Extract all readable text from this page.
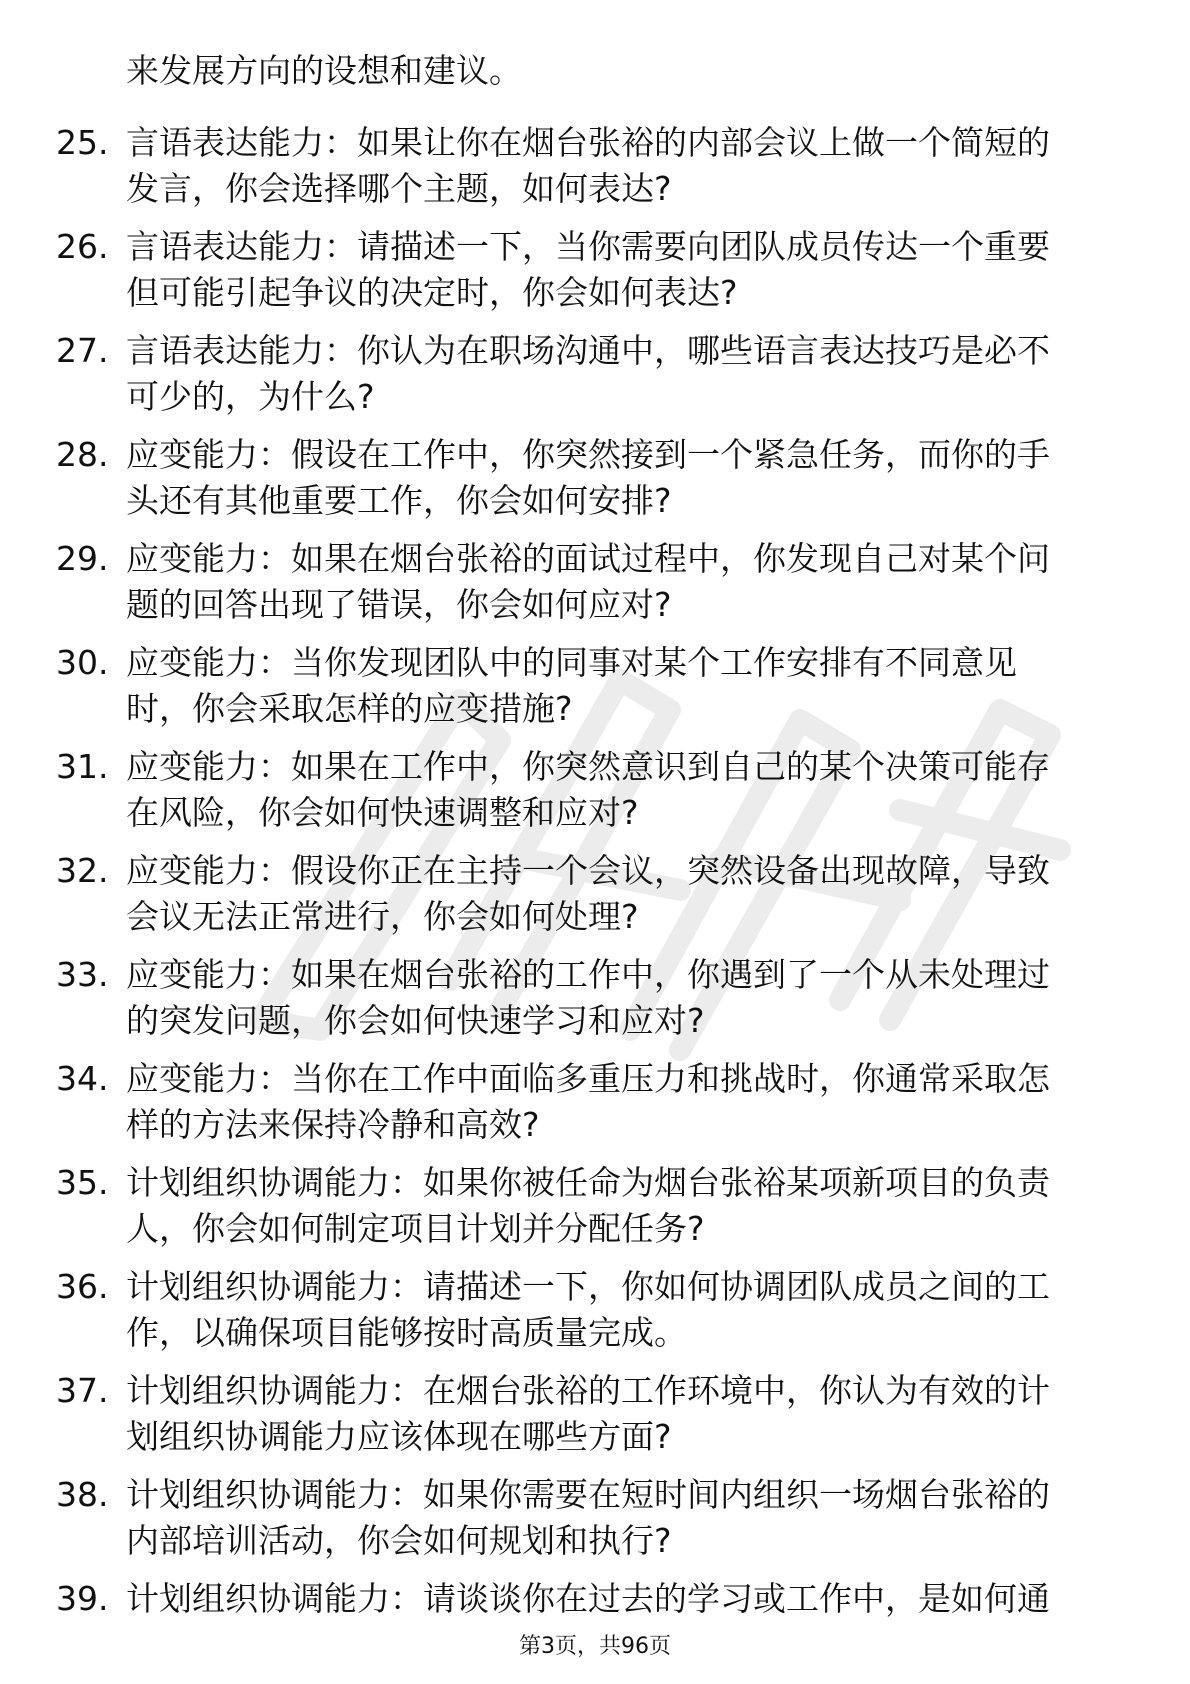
来发展方向的设想和建议。
25. 言语表达能力：如果让你在烟台张裕的内部会议上做一个简短的
发言，你会选择哪个主题，如何表达?
26. 言语表达能力：请描述一下，当你需要向团队成员传达一个重要
但可能引起争议的决定时，你会如何表达?
27. 言语表达能力：你认为在职场沟通中，哪些语言表达技巧是必不
可少的，为什么?
28. 应变能力：假设在工作中，你突然接到一个紧急任务，而你的手
头还有其他重要工作，你会如何安排?
29. 应变能力：如果在烟台张裕的面试过程中，你发现自己对某个问
题的回答出现了错误，你会如何应对?
30. 应变能力：当你发现团队中的同事对某个工作安排有不同意见
时，你会采取怎样的应变措施?
31. 应变能力：如果在工作中，你突然意识到自己的某个决策可能存
在风险，你会如何快速调整和应对?
32. 应变能力：假设你正在主持一个会议，突然设备出现故障，导致
会议无法正常进行，你会如何处理?
33. 应变能力：如果在烟台张裕的工作中，你遇到了一个从未处理过
的突发问题，你会如何快速学习和应对?
34. 应变能力：当你在工作中面临多重压力和挑战时，你通常采取怎
样的方法来保持冷静和高效?
35. 计划组织协调能力：如果你被任命为烟台张裕某项新项目的负责
人，你会如何制定项目计划并分配任务?
36. 计划组织协调能力：请描述一下，你如何协调团队成员之间的工
作，以确保项目能够按时高质量完成。
37. 计划组织协调能力：在烟台张裕的工作环境中，你认为有效的计
划组织协调能力应该体现在哪些方面?
38. 计划组织协调能力：如果你需要在短时间内组织一场烟台张裕的
内部培训活动，你会如何规划和执行?
39. 计划组织协调能力：请谈谈你在过去的学习或工作中，是如何通
第3页，共96页
